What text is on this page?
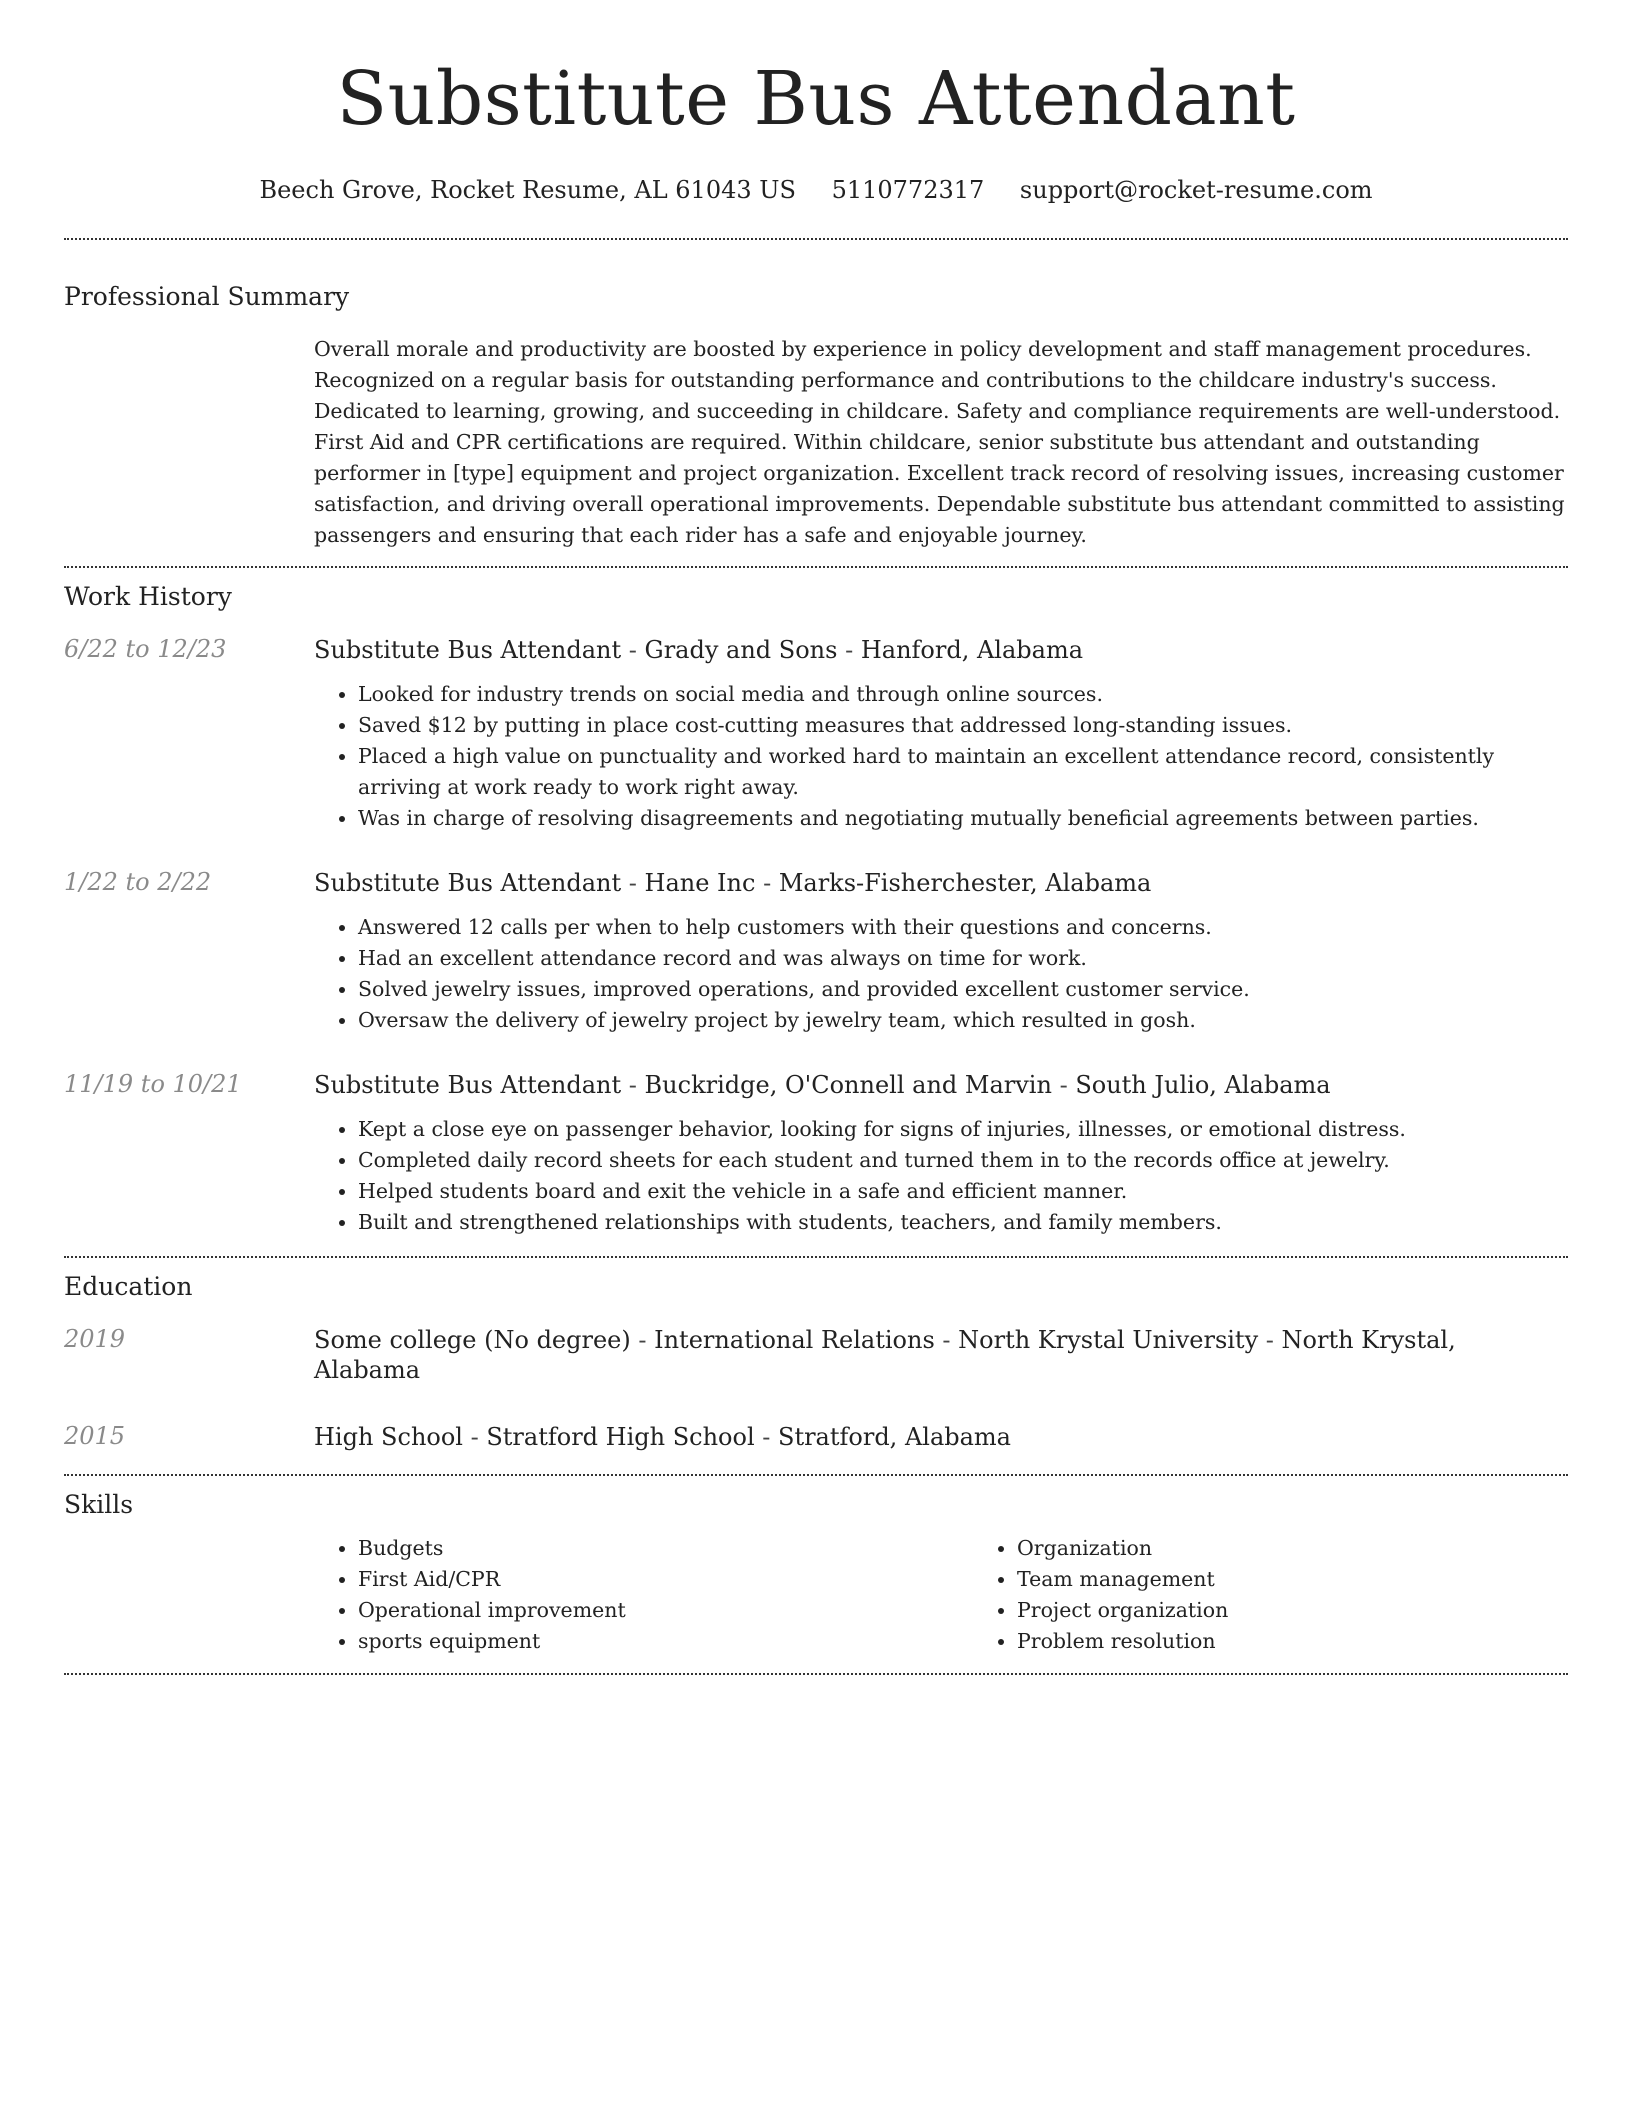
Substitute Bus Attendant
Beech Grove, Rocket Resume, AL 61043 US 5110772317 support@rocket-resume.com
Professional Summary

Overall morale and productivity are boosted by experience in policy development and staff management procedures. Recognized on a regular basis for outstanding performance and contributions to the childcare industry's success. Dedicated to learning, growing, and succeeding in childcare. Safety and compliance requirements are well-understood. First Aid and CPR certifications are required. Within childcare, senior substitute bus attendant and outstanding performer in [type] equipment and project organization. Excellent track record of resolving issues, increasing customer satisfaction, and driving overall operational improvements. Dependable substitute bus attendant committed to assisting passengers and ensuring that each rider has a safe and enjoyable journey.

Work History
6/22 to 12/23	Substitute Bus Attendant - Grady and Sons - Hanford, Alabama

• Looked for industry trends on social media and through online sources.
• Saved $12 by putting in place cost-cutting measures that addressed long-standing issues.
• Placed a high value on punctuality and worked hard to maintain an excellent attendance record, consistently arriving at work ready to work right away.
• Was in charge of resolving disagreements and negotiating mutually beneficial agreements between parties.
1/22 to 2/22	Substitute Bus Attendant - Hane Inc - Marks-Fisherchester, Alabama

• Answered 12 calls per when to help customers with their questions and concerns.
• Had an excellent attendance record and was always on time for work.
• Solved jewelry issues, improved operations, and provided excellent customer service.
• Oversaw the delivery of jewelry project by jewelry team, which resulted in gosh.
11/19 to 10/21	Substitute Bus Attendant - Buckridge, O'Connell and Marvin - South Julio, Alabama

• Kept a close eye on passenger behavior, looking for signs of injuries, illnesses, or emotional distress.
• Completed daily record sheets for each student and turned them in to the records office at jewelry.
• Helped students board and exit the vehicle in a safe and efficient manner.
• Built and strengthened relationships with students, teachers, and family members.
Education
2019	Some college (No degree) - International Relations - North Krystal University - North Krystal, Alabama

2015	High School - Stratford High School - Stratford, Alabama

Skills
• Budgets
• First Aid/CPR
• Operational improvement
• sports equipment
• Organization
• Team management
• Project organization
• Problem resolution
